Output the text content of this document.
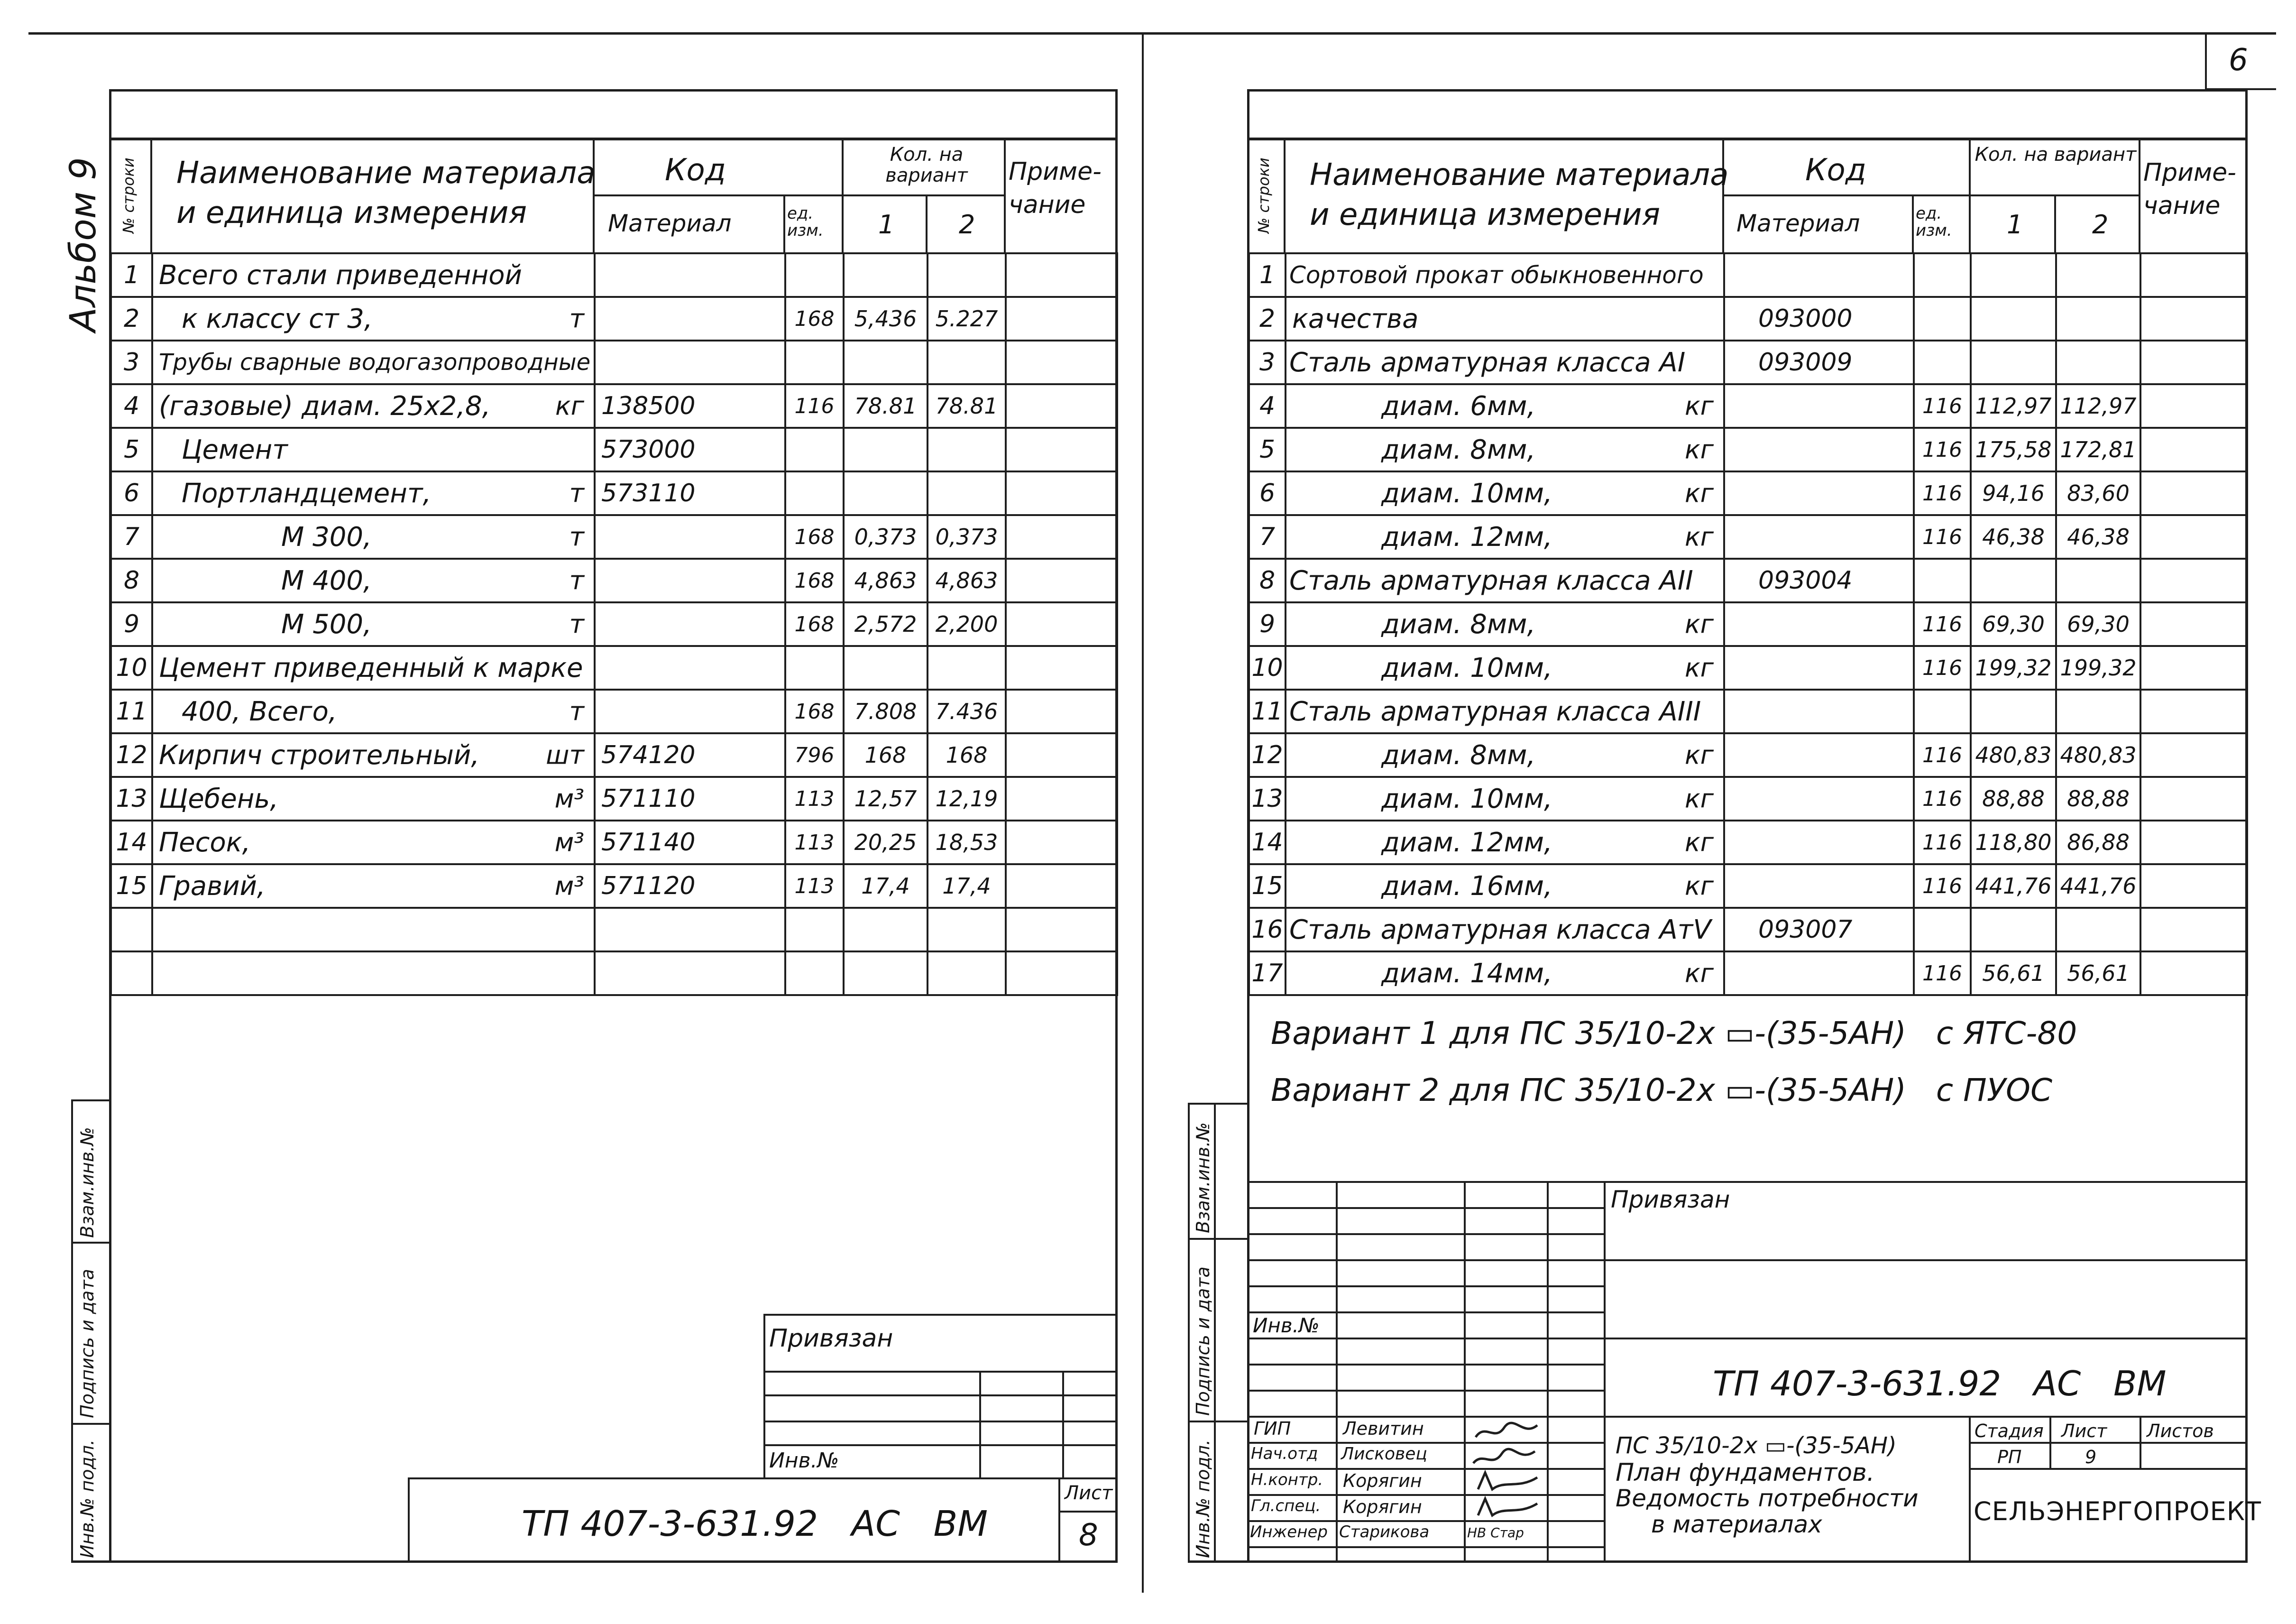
6
Альбом 9
Взам.инв.№
Подпись и дата
Инв.№ подл.
№ строки Наименование материала
и единица измерения
Код
Материал	ед. изм.
Кол. на вариант
1	2
Приме-
чание
1	Всего стали приведенной

2	к классу ст 3, т		168	5,436	5.227	
3	Трубы сварные водогазопроводные

4	(газовые) диам. 25х2,8, кг	138500	116	78.81	78.81	
5	Цемент	573000				
6	Портландцемент, т	573110				
7	М 300, т		168	0,373	0,373	
8	М 400, т		168	4,863	4,863	
9	М 500, т		168	2,572	2,200	
10	Цемент приведенный к марке

11	400, Всего, т		168	7.808	7.436	
12	Кирпич строительный, шт	574120	796	168	168	
13	Щебень, м³	571110	113	12,57	12,19	
14	Песок, м³	571140	113	20,25	18,53	
15	Гравий, м³	571120	113	17,4	17,4	

Привязан
Инв.№
ТП 407-3-631.92   АС   ВМ
Лист
8
Взам.инв.№
Подпись и дата
Инв.№ подл.
№ строки Наименование материала
и единица измерения
Код
Материал	ед. изм.
Кол. на вариант
1	2
Приме-
чание
1	Сортовой прокат обыкновенного

2	качества	093000				
3	Сталь арматурная класса АI	093009				
4	диам. 6мм, кг		116	112,97	112,97	
5	диам. 8мм, кг		116	175,58	172,81	
6	диам. 10мм, кг		116	94,16	83,60	
7	диам. 12мм, кг		116	46,38	46,38	
8	Сталь арматурная класса АII	093004				
9	диам. 8мм, кг		116	69,30	69,30	
10	диам. 10мм, кг		116	199,32	199,32	
11	Сталь арматурная класса АIII

12	диам. 8мм, кг		116	480,83	480,83	
13	диам. 10мм, кг		116	88,88	88,88	
14	диам. 12мм, кг		116	118,80	86,88	
15	диам. 16мм, кг		116	441,76	441,76	
16	Сталь арматурная класса АтV	093007				
17	диам. 14мм, кг		116	56,61	56,61	
Вариант 1 для ПС 35/10-2х ▭-(35-5АН)   с ЯТС-80
Вариант 2 для ПС 35/10-2х ▭-(35-5АН)   с ПУОС
Привязан
Инв.№
ТП 407-3-631.92   АС   ВМ
ГИП
Нач.отд
Н.контр.
Гл.спец.
Инженер
Левитин
Лисковец
Корягин
Корягин
Старикова	НВ Стар
ПС 35/10-2х ▭-(35-5АН)
План фундаментов.
Ведомость потребности
в материалах
Стадия Лист Листов
РП	9
СЕЛЬЭНЕРГОПРОЕКТ
